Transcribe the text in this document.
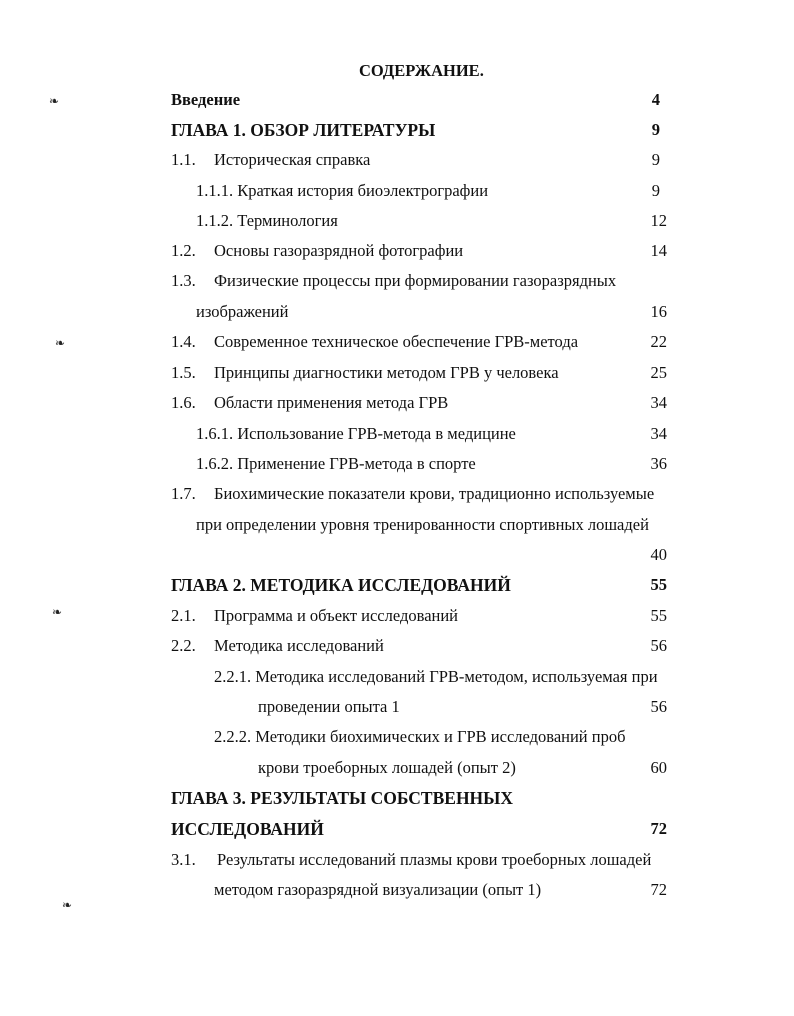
❧
❧
❧
❧
СОДЕРЖАНИЕ.
Введение	4
ГЛАВА 1. ОБЗОР ЛИТЕРАТУРЫ	9
1.1. Историческая справка	9
1.1.1. Краткая история биоэлектрографии	9
1.1.2. Терминология	12
1.2. Основы газоразрядной фотографии	14
1.3. Физические процессы при формировании газоразрядных
изображений	16
1.4. Современное техническое обеспечение ГРВ-метода	22
1.5. Принципы диагностики методом ГРВ у человека	25
1.6. Области применения метода ГРВ	34
1.6.1. Использование ГРВ-метода в медицине	34
1.6.2. Применение ГРВ-метода в спорте	36
1.7. Биохимические показатели крови, традиционно используемые
при определении уровня тренированности спортивных лошадей
40
ГЛАВА 2. МЕТОДИКА ИССЛЕДОВАНИЙ	55
2.1. Программа и объект исследований	55
2.2. Методика исследований	56
2.2.1. Методика исследований ГРВ-методом, используемая при
проведении опыта 1	56
2.2.2. Методики биохимических и ГРВ исследований проб
крови троеборных лошадей (опыт 2)	60
ГЛАВА 3. РЕЗУЛЬТАТЫ СОБСТВЕННЫХ
ИССЛЕДОВАНИЙ	72
3.1. Результаты исследований плазмы крови троеборных лошадей
методом газоразрядной визуализации (опыт 1)	72
